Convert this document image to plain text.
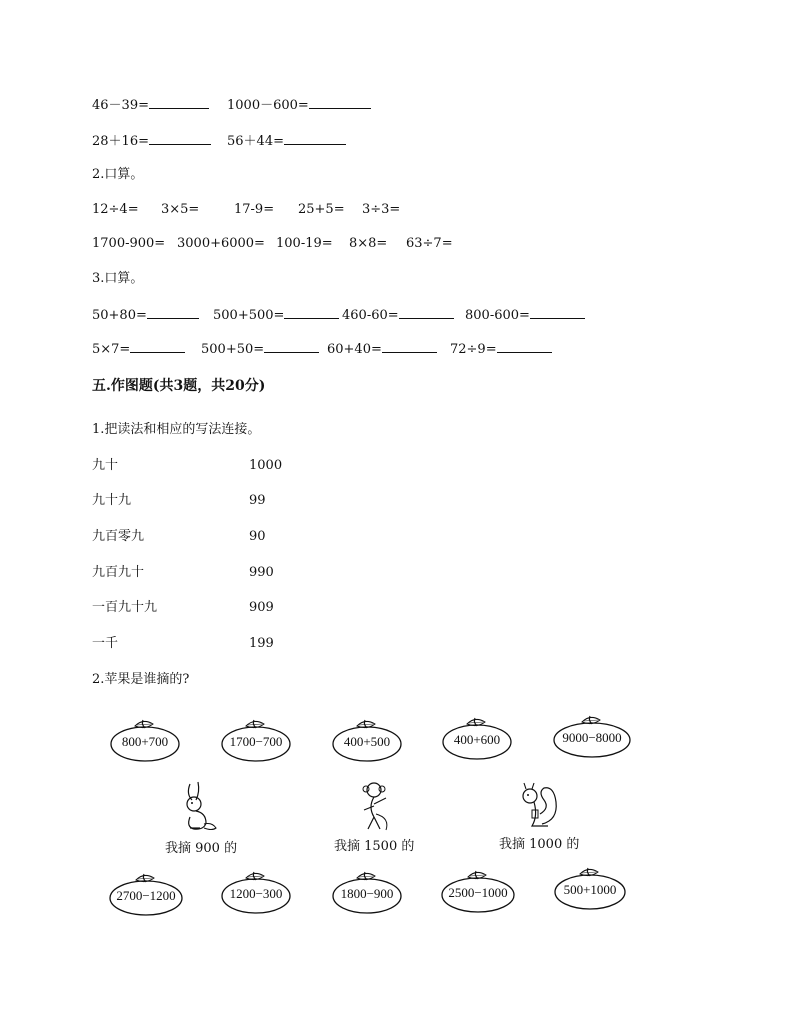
46－39=	1000－600=
28＋16=	56＋44=
2.口算。
12÷4= 3×5=	17-9= 25+5= 3÷3=
1700-900= 3000+6000= 100-19= 8×8= 63÷7=
3.口算。
50+80=	500+500=	460-60=	800-600=
5×7=	500+50=	60+40=	72÷9=
五.作图题(共3题，共20分)
1.把读法和相应的写法连接。
九十	1000
九十九	99
九百零九	90
九百九十	990
一百九十九	909
一千	199
2.苹果是谁摘的?
800+700	1700−700	400+500	400+600	9000−8000
我摘 900 的	我摘 1500 的	我摘 1000 的
2700−1200	1200−300	1800−900	2500−1000	500+1000
